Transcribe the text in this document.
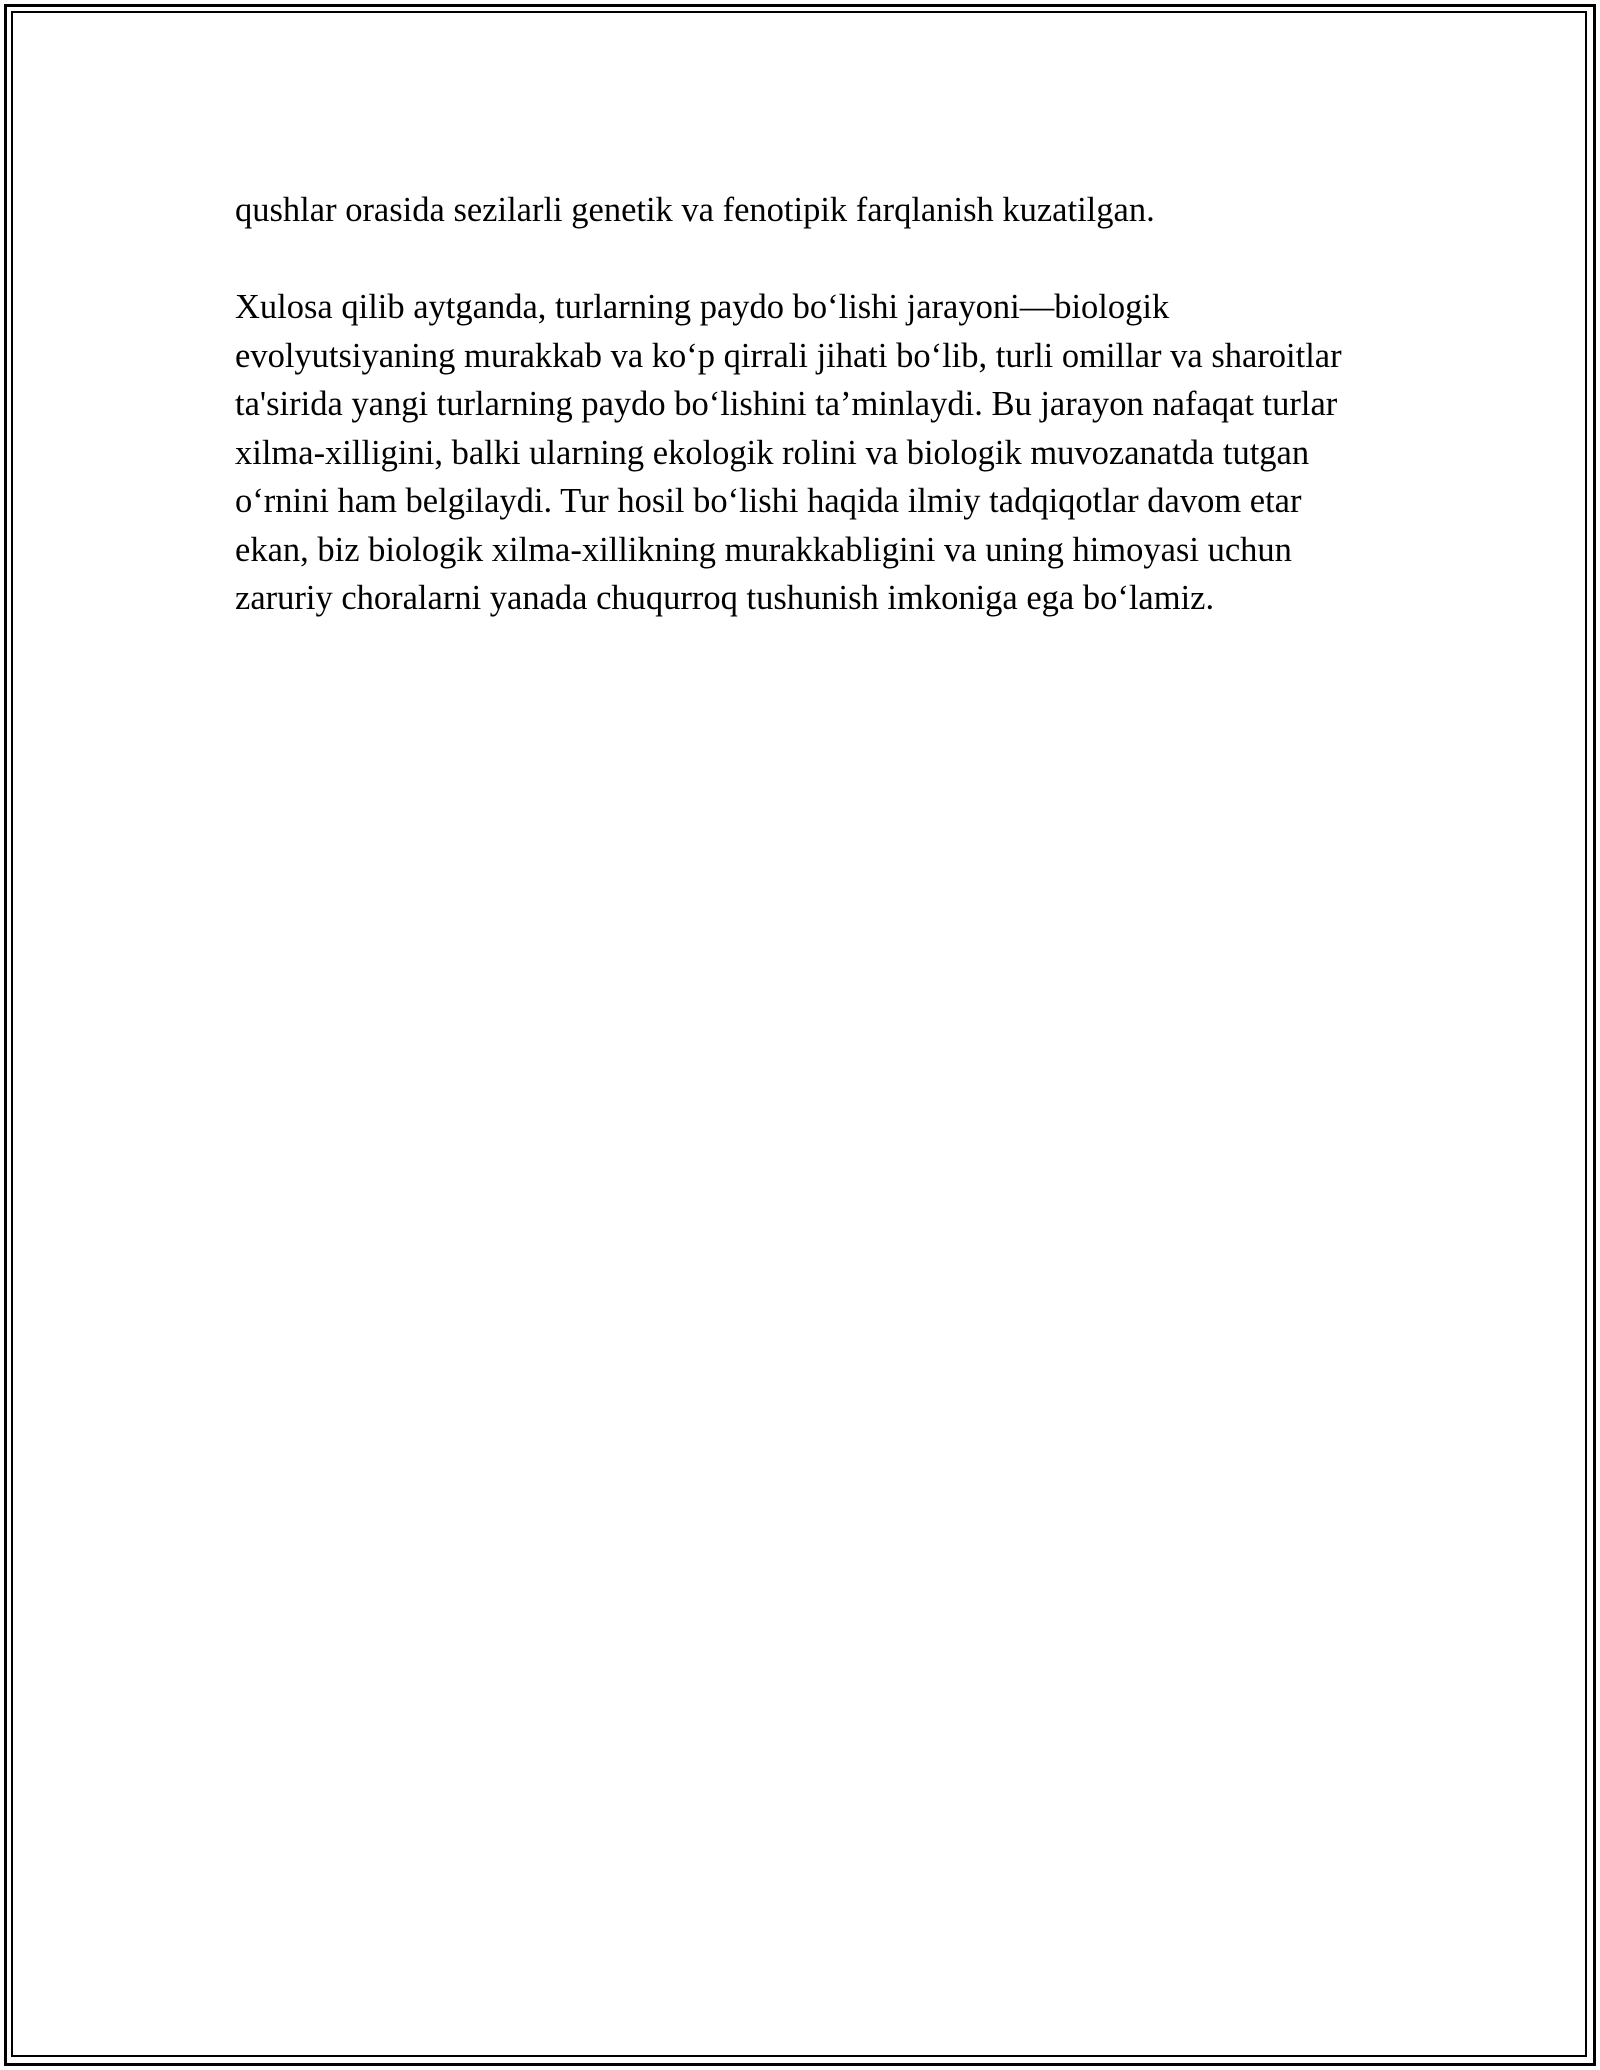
qushlar orasida sezilarli genetik va fenotipik farqlanish kuzatilgan.

Xulosa qilib aytganda, turlarning paydo bo‘lishi jarayoni—biologik evolyutsiyaning murakkab va ko‘p qirrali jihati bo‘lib, turli omillar va sharoitlar ta'sirida yangi turlarning paydo bo‘lishini ta’minlaydi. Bu jarayon nafaqat turlar xilma-xilligini, balki ularning ekologik rolini va biologik muvozanatda tutgan o‘rnini ham belgilaydi. Tur hosil bo‘lishi haqida ilmiy tadqiqotlar davom etar ekan, biz biologik xilma-xillikning murakkabligini va uning himoyasi uchun zaruriy choralarni yanada chuqurroq tushunish imkoniga ega bo‘lamiz.
